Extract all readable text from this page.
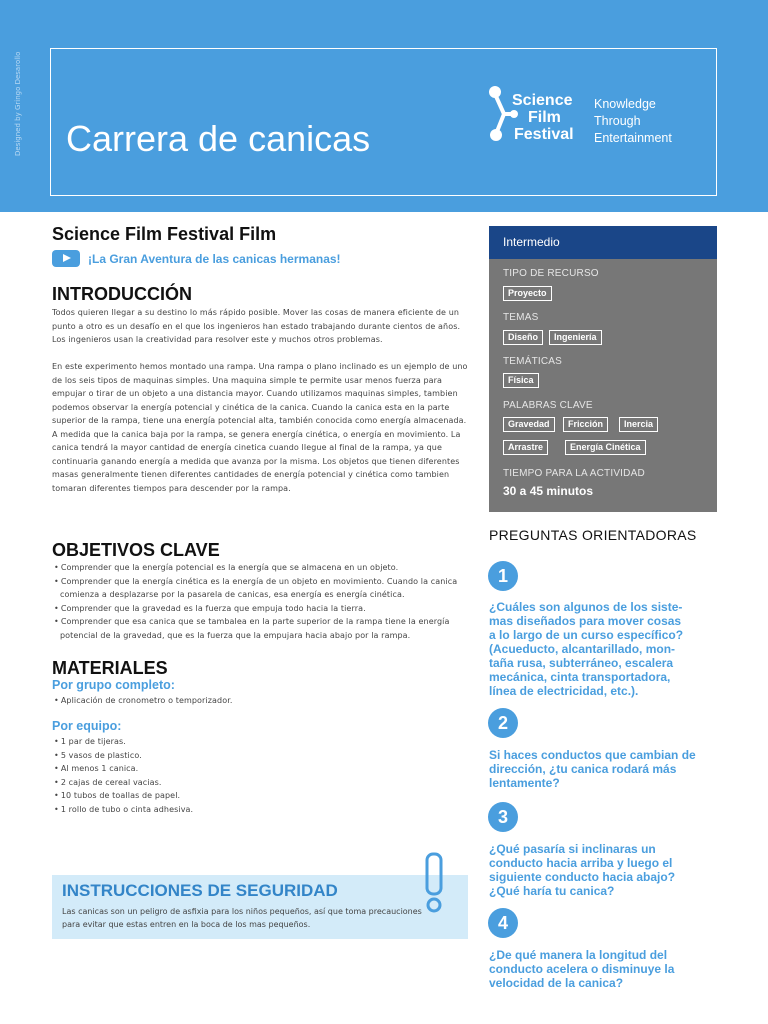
Designed by Gringo Desarollo Carrera de canicas
Science
Film
Festival
Knowledge
Through
Entertainment
Science Film Festival Film
¡La Gran Aventura de las canicas hermanas!
INTRODUCCIÓN

Todos quieren llegar a su destino lo más rápido posible. Mover las cosas de manera eficiente de un punto a otro es un desafío en el que los ingenieros han estado trabajando durante cientos de años. Los ingenieros usan la creatividad para resolver este y muchos otros problemas.

En este experimento hemos montado una rampa. Una rampa o plano inclinado es un ejemplo de uno de los seis tipos de maquinas simples. Una maquina simple te permite usar menos fuerza para empujar o tirar de un objeto a una distancia mayor. Cuando utilizamos maquinas simples, tambien podemos observar la energía potencial y cinética de la canica. Cuando la canica esta en la parte superior de la rampa, tiene una energía potencial alta, también conocida como energía almacenada. A medida que la canica baja por la rampa, se genera energía cinética, o energía en movimiento. La canica tendrá la mayor cantidad de energía cinetica cuando llegue al final de la rampa, ya que continuaria ganando energía a medida que avanza por la misma. Los objetos que tienen diferentes masas generalmente tienen diferentes cantidades de energía potencial y cinética como tambien tomaran diferentes tiempos para descender por la rampa.

OBJETIVOS CLAVE
• Comprender que la energía potencial es la energía que se almacena en un objeto.
• Comprender que la energía cinética es la energía de un objeto en movimiento. Cuando la canica comienza a desplazarse por la pasarela de canicas, esa energía es energía cinética.
• Comprender que la gravedad es la fuerza que empuja todo hacia la tierra.
• Comprender que esa canica que se tambalea en la parte superior de la rampa tiene la energía potencial de la gravedad, que es la fuerza que la empujara hacia abajo por la rampa.
MATERIALES
Por grupo completo:
• Aplicación de cronometro o temporizador.
Por equipo:
• 1 par de tijeras.
• 5 vasos de plastico.
• Al menos 1 canica.
• 2 cajas de cereal vacias.
• 10 tubos de toallas de papel.
• 1 rollo de tubo o cinta adhesiva.
INSTRUCCIONES DE SEGURIDAD
Las canicas son un peligro de asfixia para los niños pequeños, así que toma precauciones para evitar que estas entren en la boca de los mas pequeños.
Intermedio
TIPO DE RECURSO
Proyecto
TEMAS
Diseño	Ingeniería
TEMÁTICAS
Física
PALABRAS CLAVE
Gravedad	Fricción	Inercia
Arrastre	Energía Cinética
TIEMPO PARA LA ACTIVIDAD
30 a 45 minutos
PREGUNTAS ORIENTADORAS
1
¿Cuáles son algunos de los siste-
mas diseñados para mover cosas
a lo largo de un curso específico?
(Acueducto, alcantarillado, mon-
taña rusa, subterráneo, escalera
mecánica, cinta transportadora,
línea de electricidad, etc.).
2
Si haces conductos que cambian de
dirección, ¿tu canica rodará más
lentamente?
3
¿Qué pasaría si inclinaras un
conducto hacia arriba y luego el
siguiente conducto hacia abajo?
¿Qué haría tu canica?
4
¿De qué manera la longitud del
conducto acelera o disminuye la
velocidad de la canica?
